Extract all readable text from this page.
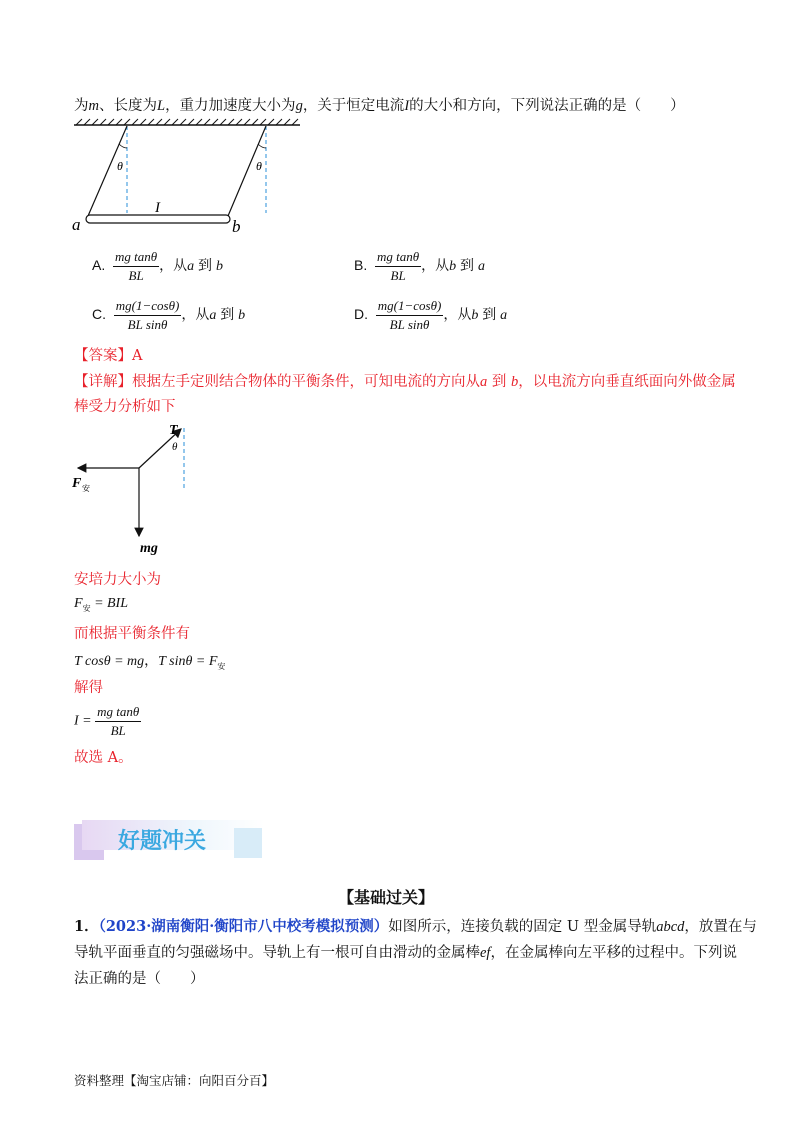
为m、长度为L，重力加速度大小为g，关于恒定电流I的大小和方向，下列说法正确的是（　　）
θ	θ
I
a	b
A. $\frac{\text{mg tanθ}}{BL}$ ，从a 到 b	B. $\frac{\text{mg tanθ}}{BL}$ ，从b 到 a
C. $\frac{mg(1-\cos\theta)}{\text{BL sinθ}}$ ，从a 到 b	D. $\frac{mg(1-\cos\theta)}{\text{BL sinθ}}$ ，从b 到 a
【答案】A
【详解】根据左手定则结合物体的平衡条件，可知电流的方向从a 到 b，以电流方向垂直纸面向外做金属
棒受力分析如下
T
θ
F 安
mg
安培力大小为
$F_安$ = BIL
而根据平衡条件有
T cosθ = mg，T $\sin\theta = F_安$
解得
$I = \frac{\text{mg tanθ}}{BL}$
故选 A。
好题冲关
【基础过关】
1．（2023·湖南衡阳·衡阳市八中校考模拟预测）如图所示，连接负载的固定 U 型金属导轨abcd，放置在与
导轨平面垂直的匀强磁场中。导轨上有一根可自由滑动的金属棒ef，在金属棒向左平移的过程中。下列说
法正确的是（　　）
资料整理【淘宝店铺：向阳百分百】
